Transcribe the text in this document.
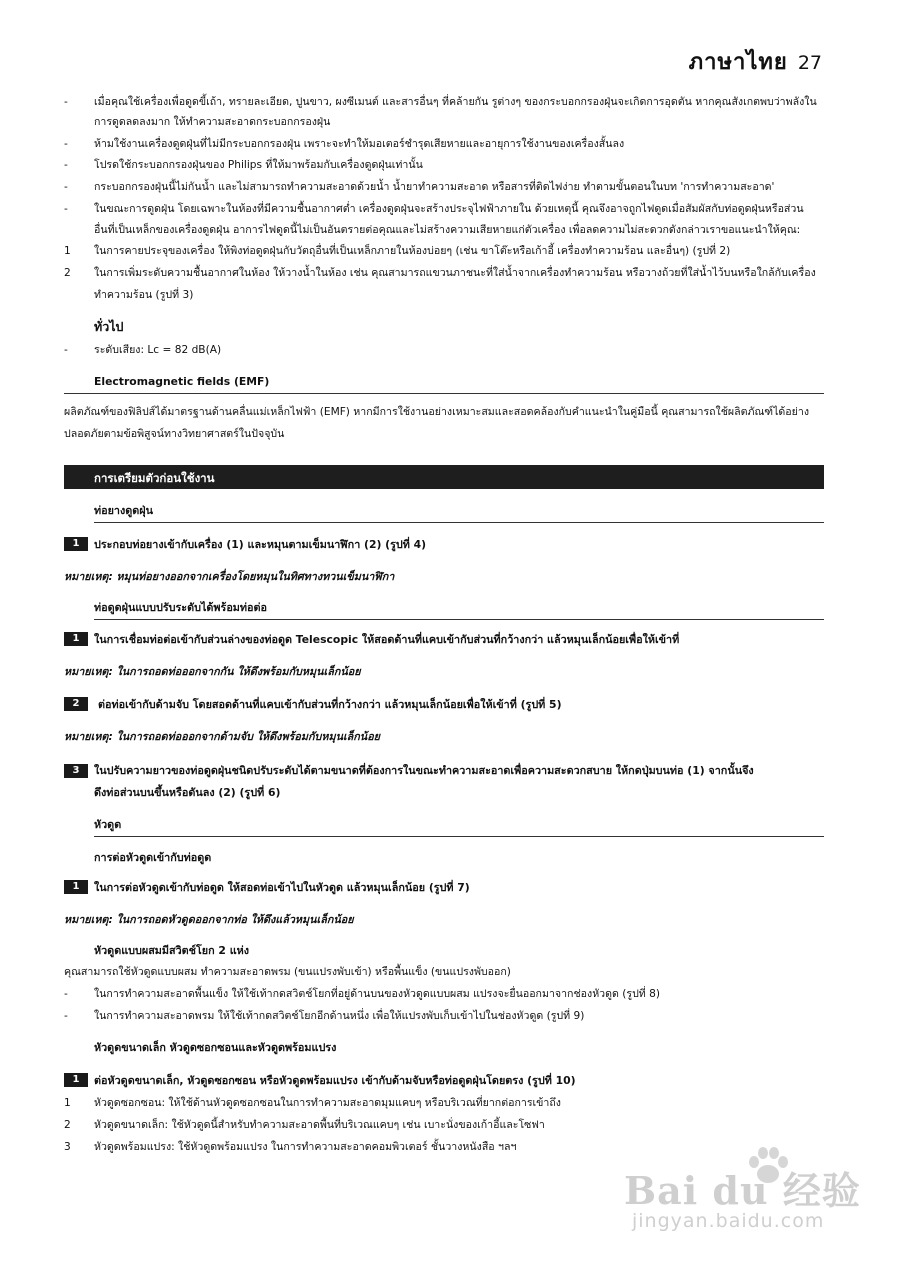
ภาษาไทย 27
- เมื่อคุณใช้เครื่องเพื่อดูดขี้เถ้า, ทรายละเอียด, ปูนขาว, ผงซีเมนต์ และสารอื่นๆ ที่คล้ายกัน รูต่างๆ ของกระบอกกรองฝุ่นจะเกิดการอุดตัน หากคุณสังเกตพบว่าพลังใน
การดูดลดลงมาก ให้ทำความสะอาดกระบอกกรองฝุ่น
- ห้ามใช้งานเครื่องดูดฝุ่นที่ไม่มีกระบอกกรองฝุ่น เพราะจะทำให้มอเตอร์ชำรุดเสียหายและอายุการใช้งานของเครื่องสั้นลง
- โปรดใช้กระบอกกรองฝุ่นของ Philips ที่ให้มาพร้อมกับเครื่องดูดฝุ่นเท่านั้น
- กระบอกกรองฝุ่นนี้ไม่กันน้ำ และไม่สามารถทำความสะอาดด้วยน้ำ น้ำยาทำความสะอาด หรือสารที่ติดไฟง่าย ทำตามขั้นตอนในบท 'การทำความสะอาด'
- ในขณะการดูดฝุ่น โดยเฉพาะในห้องที่มีความชื้นอากาศต่ำ เครื่องดูดฝุ่นจะสร้างประจุไฟฟ้าภายใน ด้วยเหตุนี้ คุณจึงอาจถูกไฟดูดเมื่อสัมผัสกับท่อดูดฝุ่นหรือส่วน
อื่นที่เป็นเหล็กของเครื่องดูดฝุ่น อาการไฟดูดนี้ไม่เป็นอันตรายต่อคุณและไม่สร้างความเสียหายแก่ตัวเครื่อง เพื่อลดความไม่สะดวกดังกล่าวเราขอแนะนำให้คุณ:
1 ในการคายประจุของเครื่อง ให้พิงท่อดูดฝุ่นกับวัตถุอื่นที่เป็นเหล็กภายในห้องบ่อยๆ (เช่น ขาโต๊ะหรือเก้าอี้ เครื่องทำความร้อน และอื่นๆ) (รูปที่ 2)
2 ในการเพิ่มระดับความชื้นอากาศในห้อง ให้วางน้ำในห้อง เช่น คุณสามารถแขวนภาชนะที่ใส่น้ำจากเครื่องทำความร้อน หรือวางถ้วยที่ใส่น้ำไว้บนหรือใกล้กับเครื่อง
ทำความร้อน (รูปที่ 3)
ทั่วไป
- ระดับเสียง: Lc = 82 dB(A)
Electromagnetic fields (EMF)
ผลิตภัณฑ์ของฟิลิปส์ได้มาตรฐานด้านคลื่นแม่เหล็กไฟฟ้า (EMF) หากมีการใช้งานอย่างเหมาะสมและสอดคล้องกับคำแนะนำในคู่มือนี้ คุณสามารถใช้ผลิตภัณฑ์ได้อย่าง
ปลอดภัยตามข้อพิสูจน์ทางวิทยาศาสตร์ในปัจจุบัน
การเตรียมตัวก่อนใช้งาน
ท่อยางดูดฝุ่น
1	ประกอบท่อยางเข้ากับเครื่อง (1) และหมุนตามเข็มนาฬิกา (2) (รูปที่ 4)
หมายเหตุ: หมุนท่อยางออกจากเครื่องโดยหมุนในทิศทางทวนเข็มนาฬิกา
ท่อดูดฝุ่นแบบปรับระดับได้พร้อมท่อต่อ
1	ในการเชื่อมท่อต่อเข้ากับส่วนล่างของท่อดูด Telescopic ให้สอดด้านที่แคบเข้ากับส่วนที่กว้างกว่า แล้วหมุนเล็กน้อยเพื่อให้เข้าที่
หมายเหตุ: ในการถอดท่อออกจากกัน ให้ดึงพร้อมกับหมุนเล็กน้อย
2	ต่อท่อเข้ากับด้ามจับ โดยสอดด้านที่แคบเข้ากับส่วนที่กว้างกว่า แล้วหมุนเล็กน้อยเพื่อให้เข้าที่ (รูปที่ 5)
หมายเหตุ: ในการถอดท่อออกจากด้ามจับ ให้ดึงพร้อมกับหมุนเล็กน้อย
3	ในปรับความยาวของท่อดูดฝุ่นชนิดปรับระดับได้ตามขนาดที่ต้องการในขณะทำความสะอาดเพื่อความสะดวกสบาย ให้กดปุ่มบนท่อ (1) จากนั้นจึง
ดึงท่อส่วนบนขึ้นหรือดันลง (2) (รูปที่ 6)
หัวดูด
การต่อหัวดูดเข้ากับท่อดูด
1	ในการต่อหัวดูดเข้ากับท่อดูด ให้สอดท่อเข้าไปในหัวดูด แล้วหมุนเล็กน้อย (รูปที่ 7)
หมายเหตุ: ในการถอดหัวดูดออกจากท่อ ให้ดึงแล้วหมุนเล็กน้อย
หัวดูดแบบผสมมีสวิตช์โยก 2 แห่ง
คุณสามารถใช้หัวดูดแบบผสม ทำความสะอาดพรม (ขนแปรงพับเข้า) หรือพื้นแข็ง (ขนแปรงพับออก)
- ในการทำความสะอาดพื้นแข็ง ให้ใช้เท้ากดสวิตช์โยกที่อยู่ด้านบนของหัวดูดแบบผสม แปรงจะยื่นออกมาจากช่องหัวดูด (รูปที่ 8)
- ในการทำความสะอาดพรม ให้ใช้เท้ากดสวิตช์โยกอีกด้านหนึ่ง เพื่อให้แปรงพับเก็บเข้าไปในช่องหัวดูด (รูปที่ 9)
หัวดูดขนาดเล็ก หัวดูดซอกซอนและหัวดูดพร้อมแปรง
1	ต่อหัวดูดขนาดเล็ก, หัวดูดซอกซอน หรือหัวดูดพร้อมแปรง เข้ากับด้ามจับหรือท่อดูดฝุ่นโดยตรง (รูปที่ 10)
1 หัวดูดซอกซอน: ให้ใช้ด้านหัวดูดซอกซอนในการทำความสะอาดมุมแคบๆ หรือบริเวณที่ยากต่อการเข้าถึง
2 หัวดูดขนาดเล็ก: ใช้หัวดูดนี้สำหรับทำความสะอาดพื้นที่บริเวณแคบๆ เช่น เบาะนั่งของเก้าอี้และโซฟา
3 หัวดูดพร้อมแปรง: ใช้หัวดูดพร้อมแปรง ในการทำความสะอาดคอมพิวเตอร์ ชั้นวางหนังสือ ฯลฯ
Bai du 经验
jingyan.baidu.com
